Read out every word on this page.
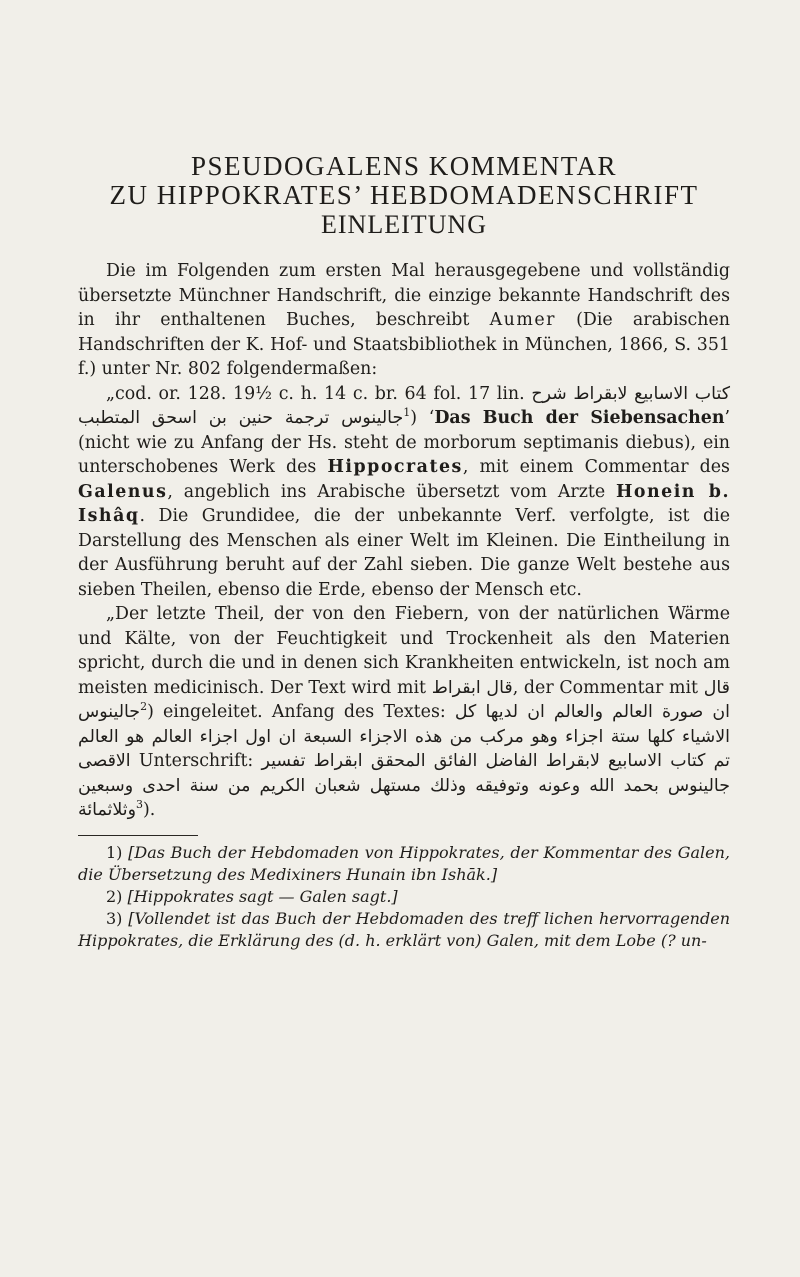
PSEUDOGALENS KOMMENTAR
ZU HIPPOKRATES’ HEBDOMADENSCHRIFT
EINLEITUNG

Die im Folgenden zum ersten Mal herausgegebene und vollständig übersetzte Münchner Handschrift, die einzige bekannte Handschrift des in ihr enthaltenen Buches, beschreibt Aumer (Die arabischen Handschriften der K. Hof- und Staatsbibliothek in München, 1866, S. 351 f.) unter Nr. 802 folgendermaßen:

„cod. or. 128. 19½ c. h. 14 c. br. 64 fol. 17 lin. كتاب الاسابيع لابقراط شرح جالينوس ترجمة حنين بن اسحق المتطبب$^1$) ‘Das Buch der Siebensachen’ (nicht wie zu Anfang der Hs. steht de morborum septimanis diebus), ein unterschobenes Werk des Hippocrates, mit einem Commentar des Galenus, angeblich ins Arabische übersetzt vom Arzte Honein b. Ishâq. Die Grundidee, die der unbekannte Verf. verfolgte, ist die Darstellung des Menschen als einer Welt im Kleinen. Die Eintheilung in der Ausführung beruht auf der Zahl sieben. Die ganze Welt bestehe aus sieben Theilen, ebenso die Erde, ebenso der Mensch etc.

„Der letzte Theil, der von den Fiebern, von der natürlichen Wärme und Kälte, von der Feuchtigkeit und Trockenheit als den Materien spricht, durch die und in denen sich Krankheiten entwickeln, ist noch am meisten medicinisch. Der Text wird mit قال ابقراط, der Commentar mit قال جالينوس$^2$) eingeleitet. Anfang des Textes: ان صورة العالم والعالم ان لديها كل الاشياء كلها ستة اجزاء وهو مركب من هذه الاجزاء السبعة ان اول اجزاء العالم هو العالم الاقصى Unterschrift: تم كتاب الاسابيع لابقراط الفاضل الفائق المحقق ابقراط تفسير جالينوس بحمد الله وعونه وتوفيقه وذلك مستهل شعبان الكريم من سنة احدى وسبعين وثلاثمائة$^3$).

1) [Das Buch der Hebdomaden von Hippokrates, der Kommentar des Galen, die Übersetzung des Medixiners Hunain ibn Ishāk.]

2) [Hippokrates sagt — Galen sagt.]

3) [Vollendet ist das Buch der Hebdomaden des treff lichen hervorragenden Hippokrates, die Erklärung des (d. h. erklärt von) Galen, mit dem Lobe (? un-
